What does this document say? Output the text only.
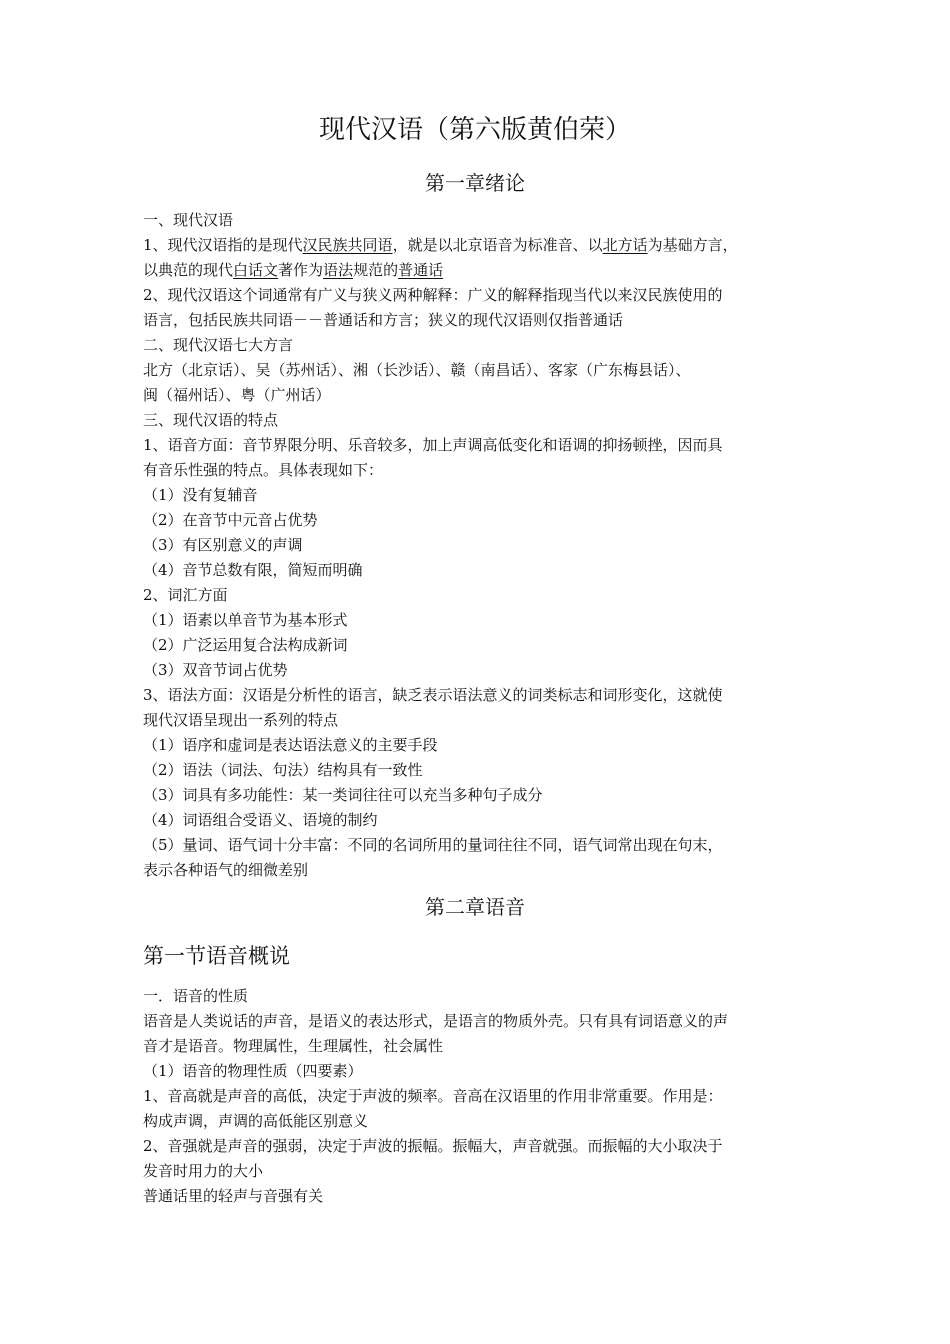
现代汉语（第六版黄伯荣）
第一章绪论
一、现代汉语
1、现代汉语指的是现代汉民族共同语，就是以北京语音为标准音、以北方话为基础方言，
以典范的现代白话文著作为语法规范的普通话
2、现代汉语这个词通常有广义与狭义两种解释：广义的解释指现当代以来汉民族使用的
语言，包括民族共同语－－普通话和方言；狭义的现代汉语则仅指普通话
二、现代汉语七大方言
北方（北京话）、吴（苏州话）、湘（长沙话）、赣（南昌话）、客家（广东梅县话）、
闽（福州话）、粤（广州话）
三、现代汉语的特点
1、语音方面：音节界限分明、乐音较多，加上声调高低变化和语调的抑扬顿挫，因而具
有音乐性强的特点。具体表现如下：
（1）没有复辅音
（2）在音节中元音占优势
（3）有区别意义的声调
（4）音节总数有限，简短而明确
2、词汇方面
（1）语素以单音节为基本形式
（2）广泛运用复合法构成新词
（3）双音节词占优势
3、语法方面：汉语是分析性的语言，缺乏表示语法意义的词类标志和词形变化，这就使
现代汉语呈现出一系列的特点
（1）语序和虚词是表达语法意义的主要手段
（2）语法（词法、句法）结构具有一致性
（3）词具有多功能性：某一类词往往可以充当多种句子成分
（4）词语组合受语义、语境的制约
（5）量词、语气词十分丰富：不同的名词所用的量词往往不同，语气词常出现在句末，
表示各种语气的细微差别
第二章语音
第一节语音概说
一．语音的性质
语音是人类说话的声音，是语义的表达形式，是语言的物质外壳。只有具有词语意义的声
音才是语音。物理属性，生理属性，社会属性
（1）语音的物理性质（四要素）
1、音高就是声音的高低，决定于声波的频率。音高在汉语里的作用非常重要。作用是：
构成声调，声调的高低能区别意义
2、音强就是声音的强弱，决定于声波的振幅。振幅大，声音就强。而振幅的大小取决于
发音时用力的大小
普通话里的轻声与音强有关
